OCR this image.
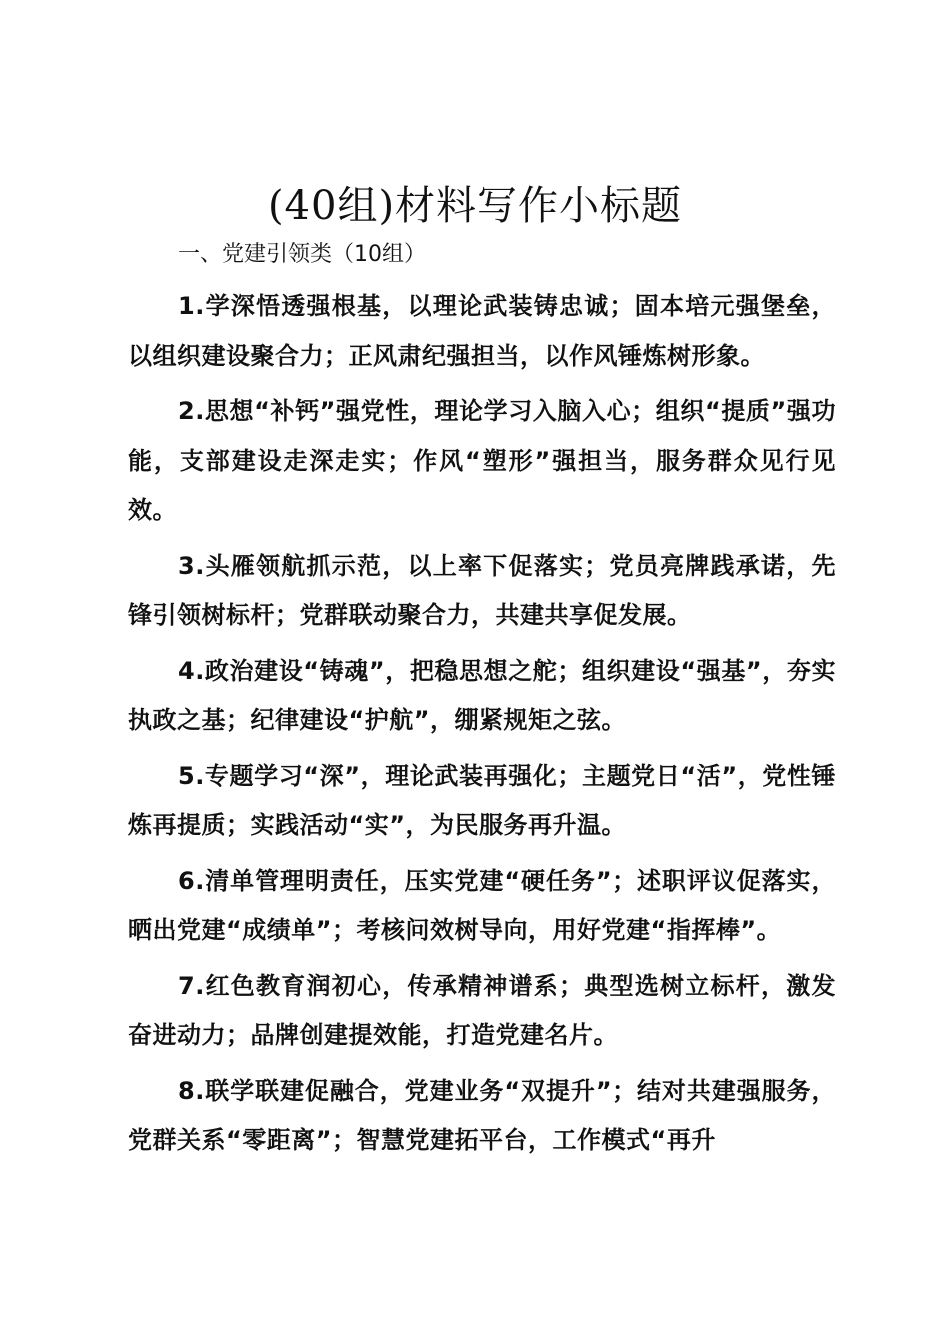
(40组)材料写作小标题
一、党建引领类（10组）

1.学深悟透强根基，以理论武装铸忠诚；固本培元强堡垒，以组织建设聚合力；正风肃纪强担当，以作风锤炼树形象。

2.思想“补钙”强党性，理论学习入脑入心；组织“提质”强功能，支部建设走深走实；作风“塑形”强担当，服务群众见行见效。

3.头雁领航抓示范，以上率下促落实；党员亮牌践承诺，先锋引领树标杆；党群联动聚合力，共建共享促发展。

4.政治建设“铸魂”，把稳思想之舵；组织建设“强基”，夯实执政之基；纪律建设“护航”，绷紧规矩之弦。

5.专题学习“深”，理论武装再强化；主题党日“活”，党性锤炼再提质；实践活动“实”，为民服务再升温。

6.清单管理明责任，压实党建“硬任务”；述职评议促落实，晒出党建“成绩单”；考核问效树导向，用好党建“指挥棒”。

7.红色教育润初心，传承精神谱系；典型选树立标杆，激发奋进动力；品牌创建提效能，打造党建名片。

8.联学联建促融合，党建业务“双提升”；结对共建强服务，党群关系“零距离”；智慧党建拓平台，工作模式“再升
